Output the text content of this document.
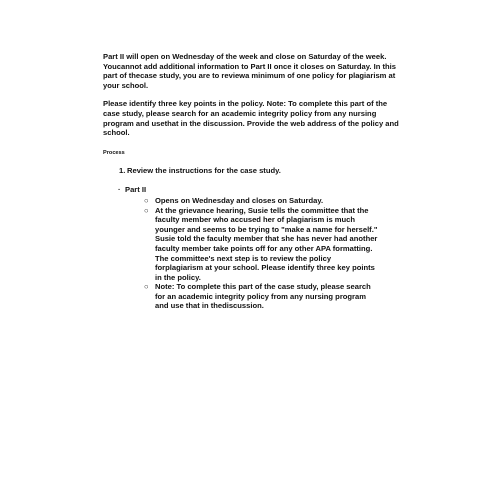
Part II will open on Wednesday of the week and close on Saturday of the week. Youcannot add additional information to Part II once it closes on Saturday. In this part of thecase study, you are to reviewa minimum of one policy for plagiarism at your school.

Please identify three key points in the policy. Note: To complete this part of the case study, please search for an academic integrity policy from any nursing program and usethat in the discussion. Provide the web address of the policy and school.

Process
1. Review the instructions for the case study.
· Part II
○ Opens on Wednesday and closes on Saturday.
○ At the grievance hearing, Susie tells the committee that the faculty member who accused her of plagiarism is much younger and seems to be trying to "make a name for herself." Susie told the faculty member that she has never had another faculty member take points off for any other APA formatting. The committee's next step is to review the policy forplagiarism at your school. Please identify three key points in the policy.
○ Note: To complete this part of the case study, please search for an academic integrity policy from any nursing program and use that in thediscussion.
